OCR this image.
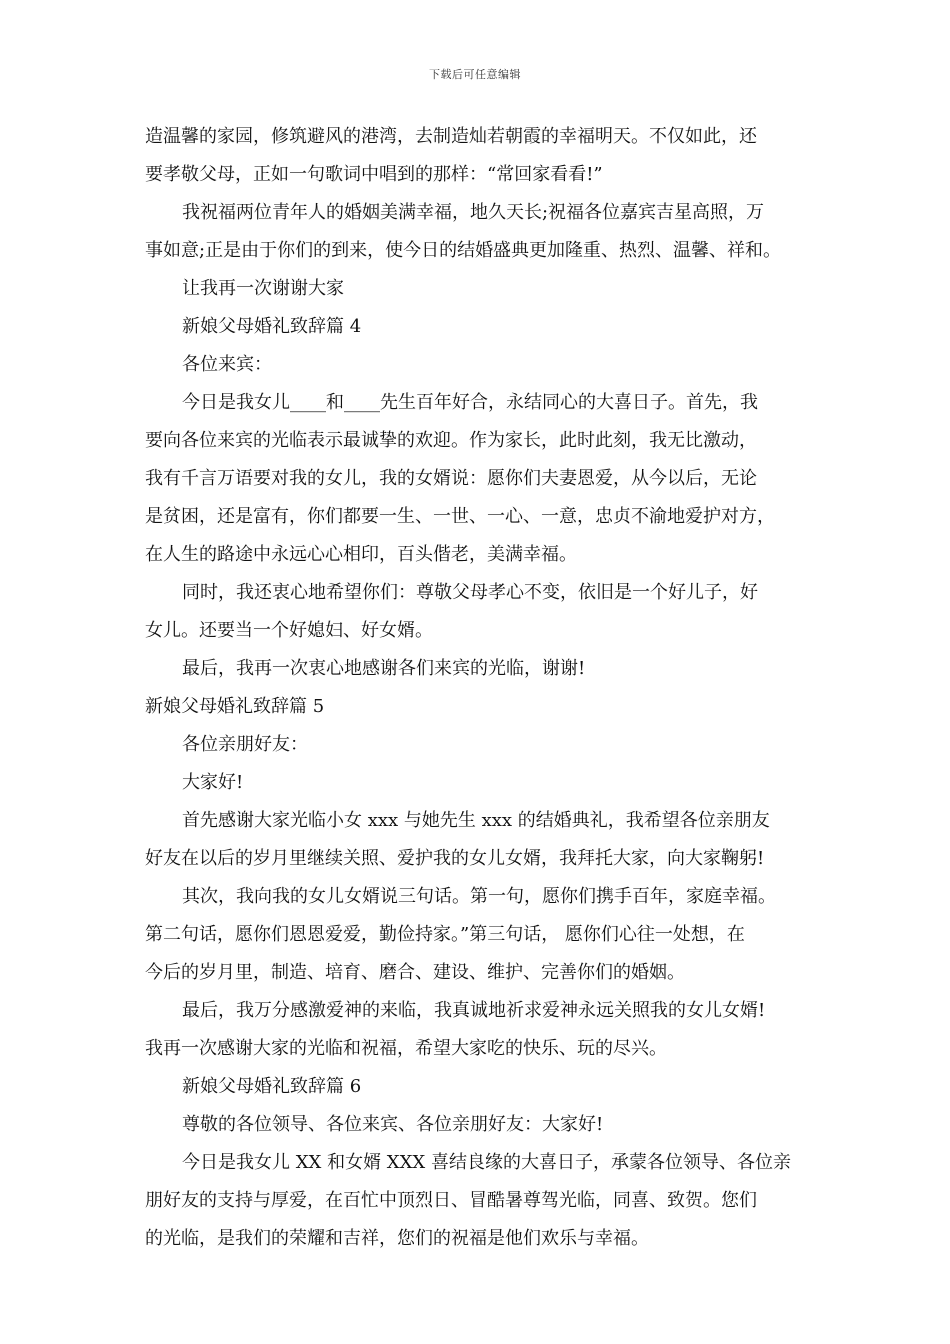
下载后可任意编辑
造温馨的家园，修筑避风的港湾，去制造灿若朝霞的幸福明天。不仅如此，还
要孝敬父母，正如一句歌词中唱到的那样：“常回家看看!”
我祝福两位青年人的婚姻美满幸福，地久天长;祝福各位嘉宾吉星高照，万
事如意;正是由于你们的到来，使今日的结婚盛典更加隆重、热烈、温馨、祥和。
让我再一次谢谢大家
新娘父母婚礼致辞篇 4
各位来宾：
今日是我女儿____和____先生百年好合，永结同心的大喜日子。首先，我
要向各位来宾的光临表示最诚挚的欢迎。作为家长，此时此刻，我无比激动，
我有千言万语要对我的女儿，我的女婿说：愿你们夫妻恩爱，从今以后，无论
是贫困，还是富有，你们都要一生、一世、一心、一意，忠贞不渝地爱护对方，
在人生的路途中永远心心相印，百头偕老，美满幸福。
同时，我还衷心地希望你们：尊敬父母孝心不变，依旧是一个好儿子，好
女儿。还要当一个好媳妇、好女婿。
最后，我再一次衷心地感谢各们来宾的光临，谢谢!
新娘父母婚礼致辞篇 5
各位亲朋好友：
大家好!
首先感谢大家光临小女 xxx 与她先生 xxx 的结婚典礼，我希望各位亲朋友
好友在以后的岁月里继续关照、爱护我的女儿女婿，我拜托大家，向大家鞠躬!
其次，我向我的女儿女婿说三句话。第一句，愿你们携手百年，家庭幸福。
第二句话，愿你们恩恩爱爱，勤俭持家。”第三句话， 愿你们心往一处想，在
今后的岁月里，制造、培育、磨合、建设、维护、完善你们的婚姻。
最后，我万分感激爱神的来临，我真诚地祈求爱神永远关照我的女儿女婿!
我再一次感谢大家的光临和祝福，希望大家吃的快乐、玩的尽兴。
新娘父母婚礼致辞篇 6
尊敬的各位领导、各位来宾、各位亲朋好友：大家好!
今日是我女儿 XX 和女婿 XXX 喜结良缘的大喜日子，承蒙各位领导、各位亲
朋好友的支持与厚爱，在百忙中顶烈日、冒酷暑尊驾光临，同喜、致贺。您们
的光临，是我们的荣耀和吉祥，您们的祝福是他们欢乐与幸福。
